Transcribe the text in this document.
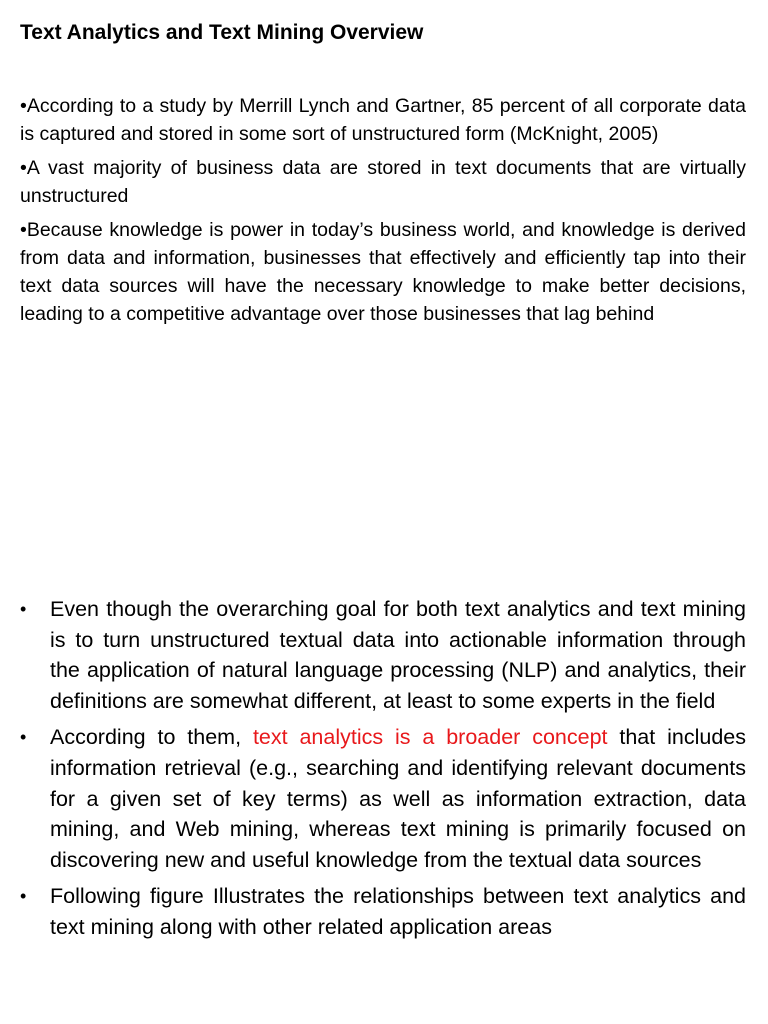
Text Analytics and Text Mining Overview
•According to a study by Merrill Lynch and Gartner, 85 percent of all corporate data is captured and stored in some sort of unstructured form (McKnight, 2005)
•A vast majority of business data are stored in text documents that are virtually unstructured
•Because knowledge is power in today’s business world, and knowledge is derived from data and information, businesses that effectively and efficiently tap into their text data sources will have the necessary knowledge to make better decisions, leading to a competitive advantage over those businesses that lag behind
• Even though the overarching goal for both text analytics and text mining is to turn unstructured textual data into actionable information through the application of natural language processing (NLP) and analytics, their definitions are somewhat different, at least to some experts in the field
• According to them, text analytics is a broader concept that includes information retrieval (e.g., searching and identifying relevant documents for a given set of key terms) as well as information extraction, data mining, and Web mining, whereas text mining is primarily focused on discovering new and useful knowledge from the textual data sources
• Following figure Illustrates the relationships between text analytics and text mining along with other related application areas
